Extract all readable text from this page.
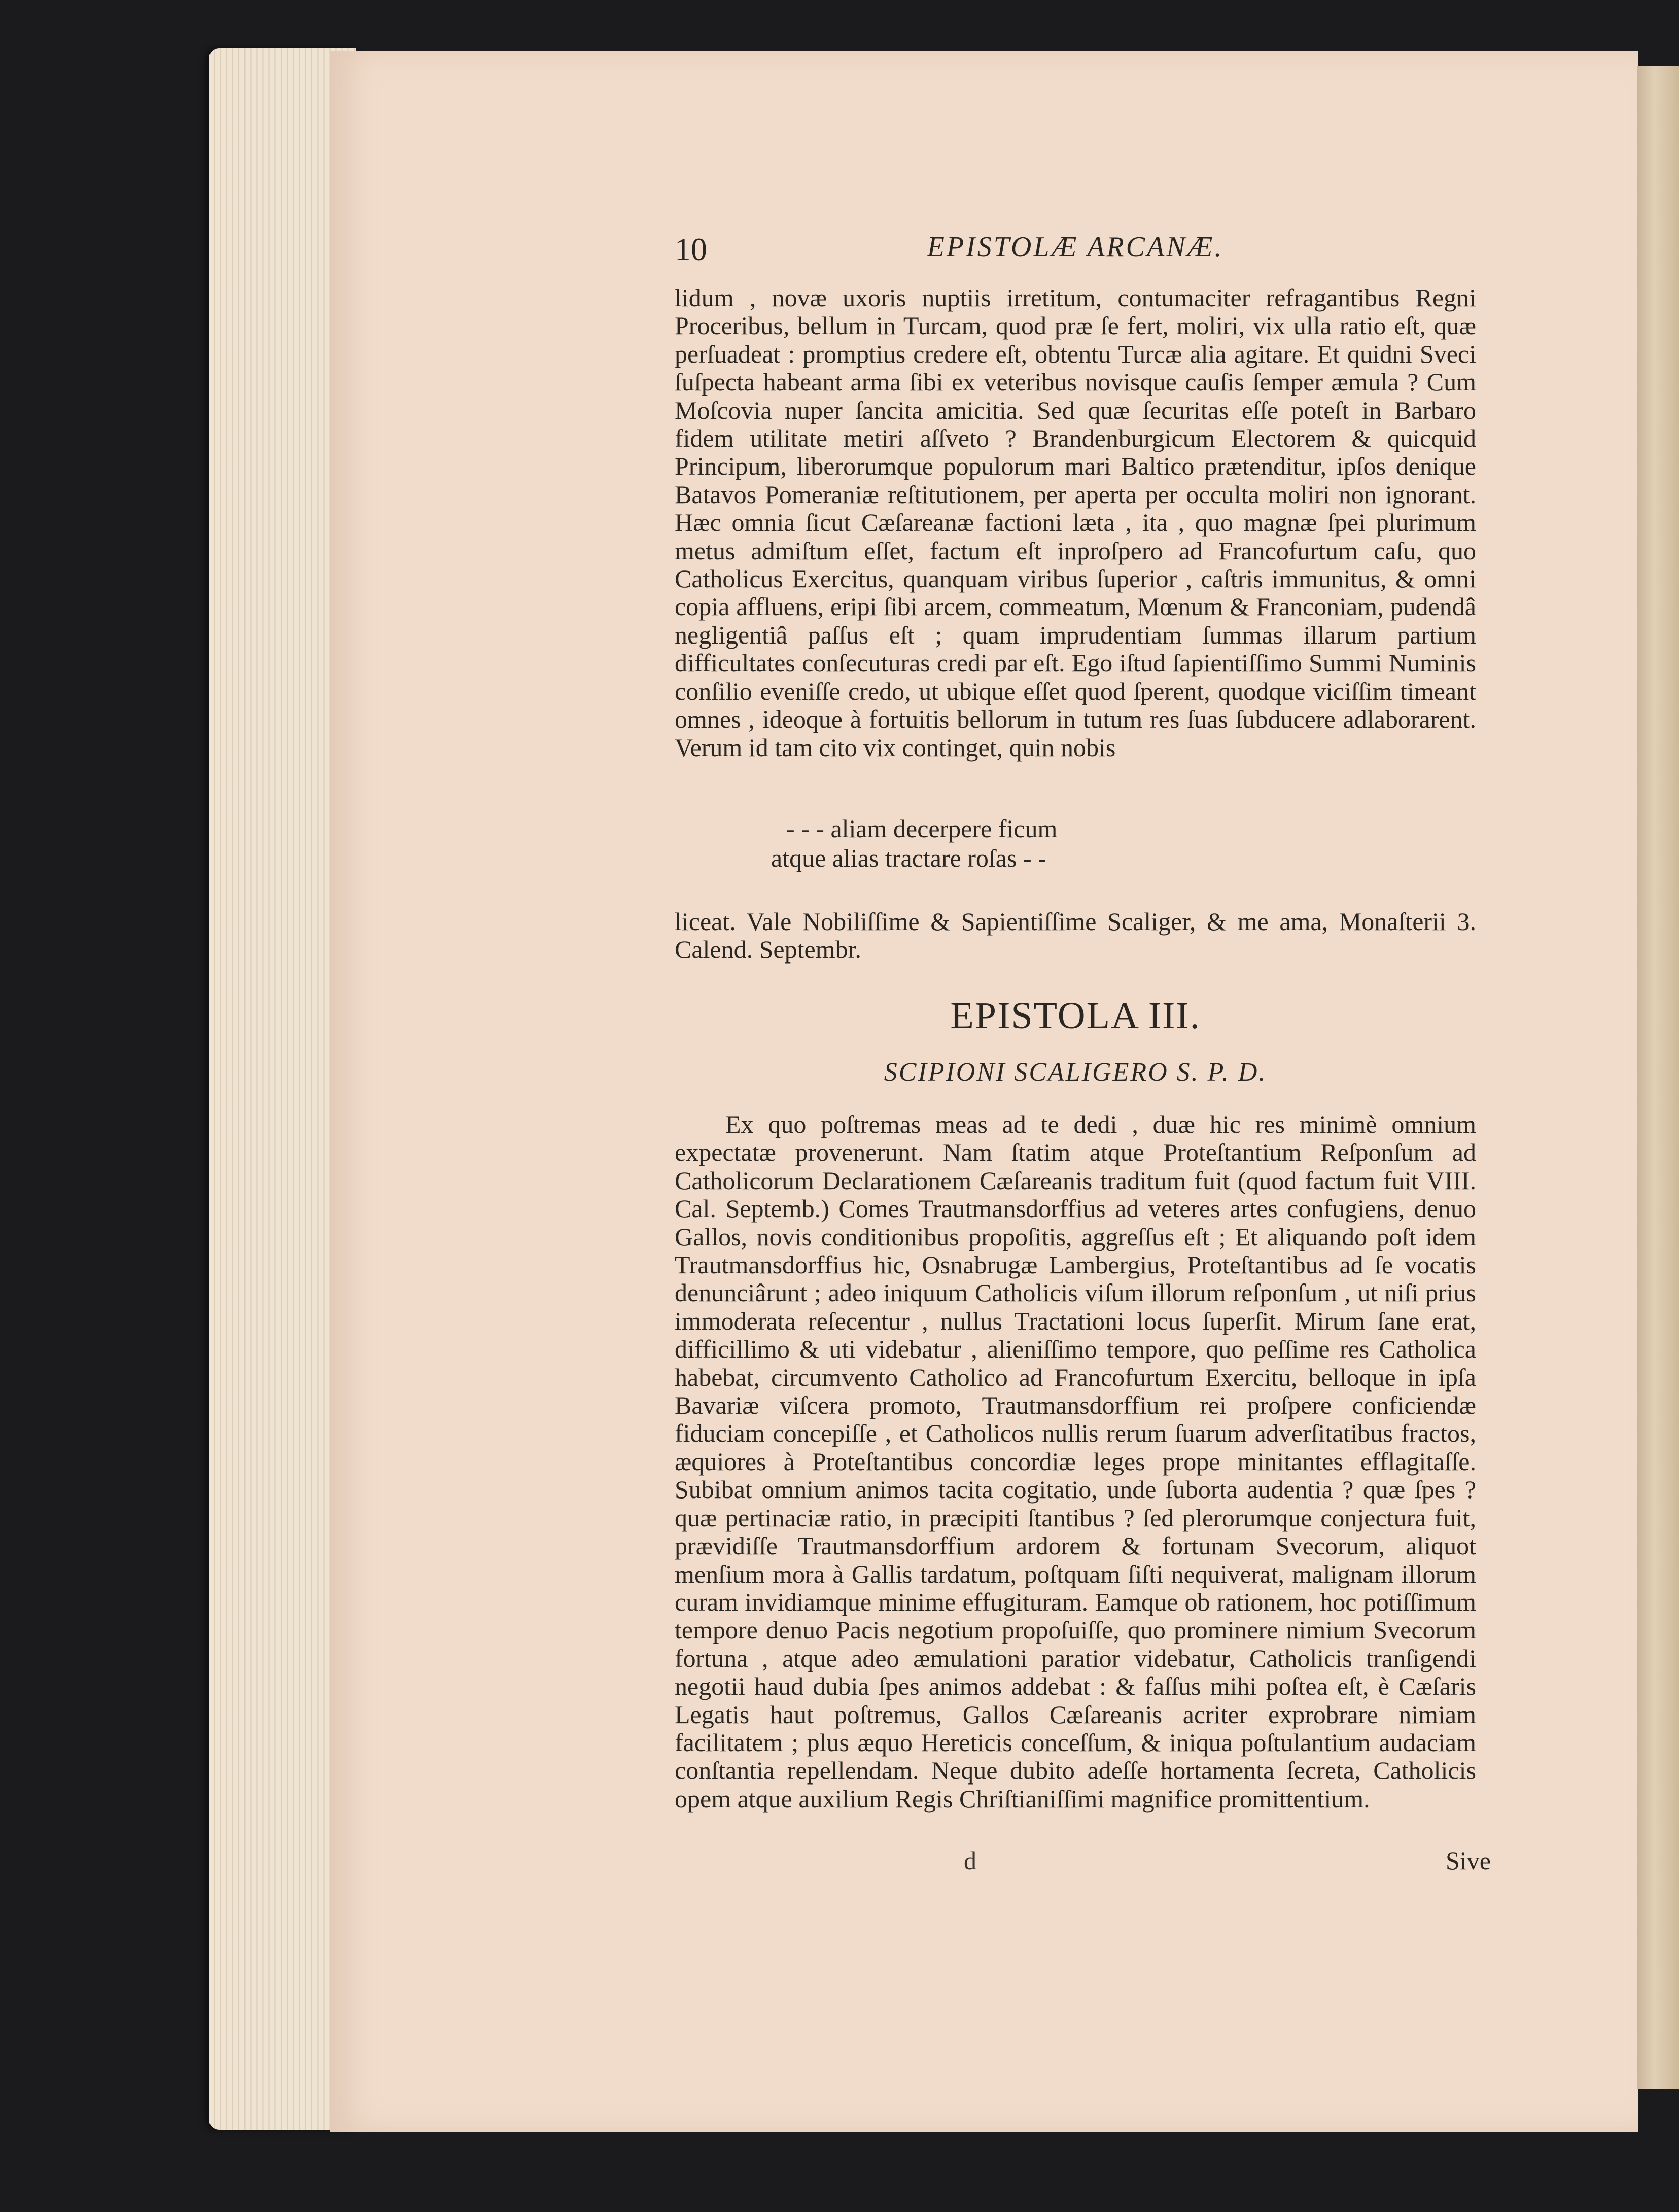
10	EPISTOLÆ ARCANÆ.

lidum , novæ uxoris nuptiis irretitum, contumaciter refragantibus Regni Proceribus, bellum in Turcam, quod præ ſe fert, moliri, vix ulla ratio eſt, quæ perſuadeat : promptius credere eſt, obtentu Turcæ alia agitare. Et quidni Sveci ſuſpecta habeant arma ſibi ex veteribus novisque cauſis ſemper æmula ? Cum Moſcovia nuper ſancita amicitia. Sed quæ ſecuritas eſſe poteſt in Barbaro fidem utilitate metiri aſſveto ? Brandenburgicum Electorem & quicquid Principum, liberorumque populorum mari Baltico prætenditur, ipſos denique Batavos Pomeraniæ reſtitutionem, per aperta per occulta moliri non ignorant. Hæc omnia ſicut Cæſareanæ factioni læta , ita , quo magnæ ſpei plurimum metus admiſtum eſſet, factum eſt inproſpero ad Francofurtum caſu, quo Catholicus Exercitus, quanquam viribus ſuperior , caſtris immunitus, & omni copia affluens, eripi ſibi arcem, commeatum, Mœnum & Franconiam, pudendâ negligentiâ paſſus eſt ; quam imprudentiam ſummas illarum partium difficultates conſecuturas credi par eſt. Ego iſtud ſapientiſſimo Summi Numinis conſilio eveniſſe credo, ut ubique eſſet quod ſperent, quodque viciſſim timeant omnes , ideoque à fortuitis bellorum in tutum res ſuas ſubducere adlaborarent. Verum id tam cito vix continget, quin nobis

- - - aliam decerpere ficum
atque alias tractare roſas - -

liceat. Vale Nobiliſſime & Sapientiſſime Scaliger, & me ama, Monaſterii 3. Calend. Septembr.

EPISTOLA III.
SCIPIONI SCALIGERO S. P. D.

Ex quo poſtremas meas ad te dedi , duæ hic res minimè omnium expectatæ provenerunt. Nam ſtatim atque Proteſtantium Reſponſum ad Catholicorum Declarationem Cæſareanis traditum fuit (quod factum fuit VIII. Cal. Septemb.) Comes Trautmansdorffius ad veteres artes confugiens, denuo Gallos, novis conditionibus propoſitis, aggreſſus eſt ; Et aliquando poſt idem Trautmansdorffius hic, Osnabrugæ Lambergius, Proteſtantibus ad ſe vocatis denunciârunt ; adeo iniquum Catholicis viſum illorum reſponſum , ut niſi prius immoderata reſecentur , nullus Tractationi locus ſuperſit. Mirum ſane erat, difficillimo & uti videbatur , alieniſſimo tempore, quo peſſime res Catholica habebat, circumvento Catholico ad Francofurtum Exercitu, belloque in ipſa Bavariæ viſcera promoto, Trautmansdorffium rei proſpere conficiendæ fiduciam concepiſſe , et Catholicos nullis rerum ſuarum adverſitatibus fractos, æquiores à Proteſtantibus concordiæ leges prope minitantes efflagitaſſe. Subibat omnium animos tacita cogitatio, unde ſuborta audentia ? quæ ſpes ? quæ pertinaciæ ratio, in præcipiti ſtantibus ? ſed plerorumque conjectura fuit, prævidiſſe Trautmansdorffium ardorem & fortunam Svecorum, aliquot menſium mora à Gallis tardatum, poſtquam ſiſti nequiverat, malignam illorum curam invidiamque minime effugituram. Eamque ob rationem, hoc potiſſimum tempore denuo Pacis negotium propoſuiſſe, quo prominere nimium Svecorum fortuna , atque adeo æmulationi paratior videbatur, Catholicis tranſigendi negotii haud dubia ſpes animos addebat : & faſſus mihi poſtea eſt, è Cæſaris Legatis haut poſtremus, Gallos Cæſareanis acriter exprobrare nimiam facilitatem ; plus æquo Hereticis conceſſum, & iniqua poſtulantium audaciam conſtantia repellendam. Neque dubito adeſſe hortamenta ſecreta, Catholicis opem atque auxilium Regis Chriſtianiſſimi magnifice promittentium.

d	Sive
